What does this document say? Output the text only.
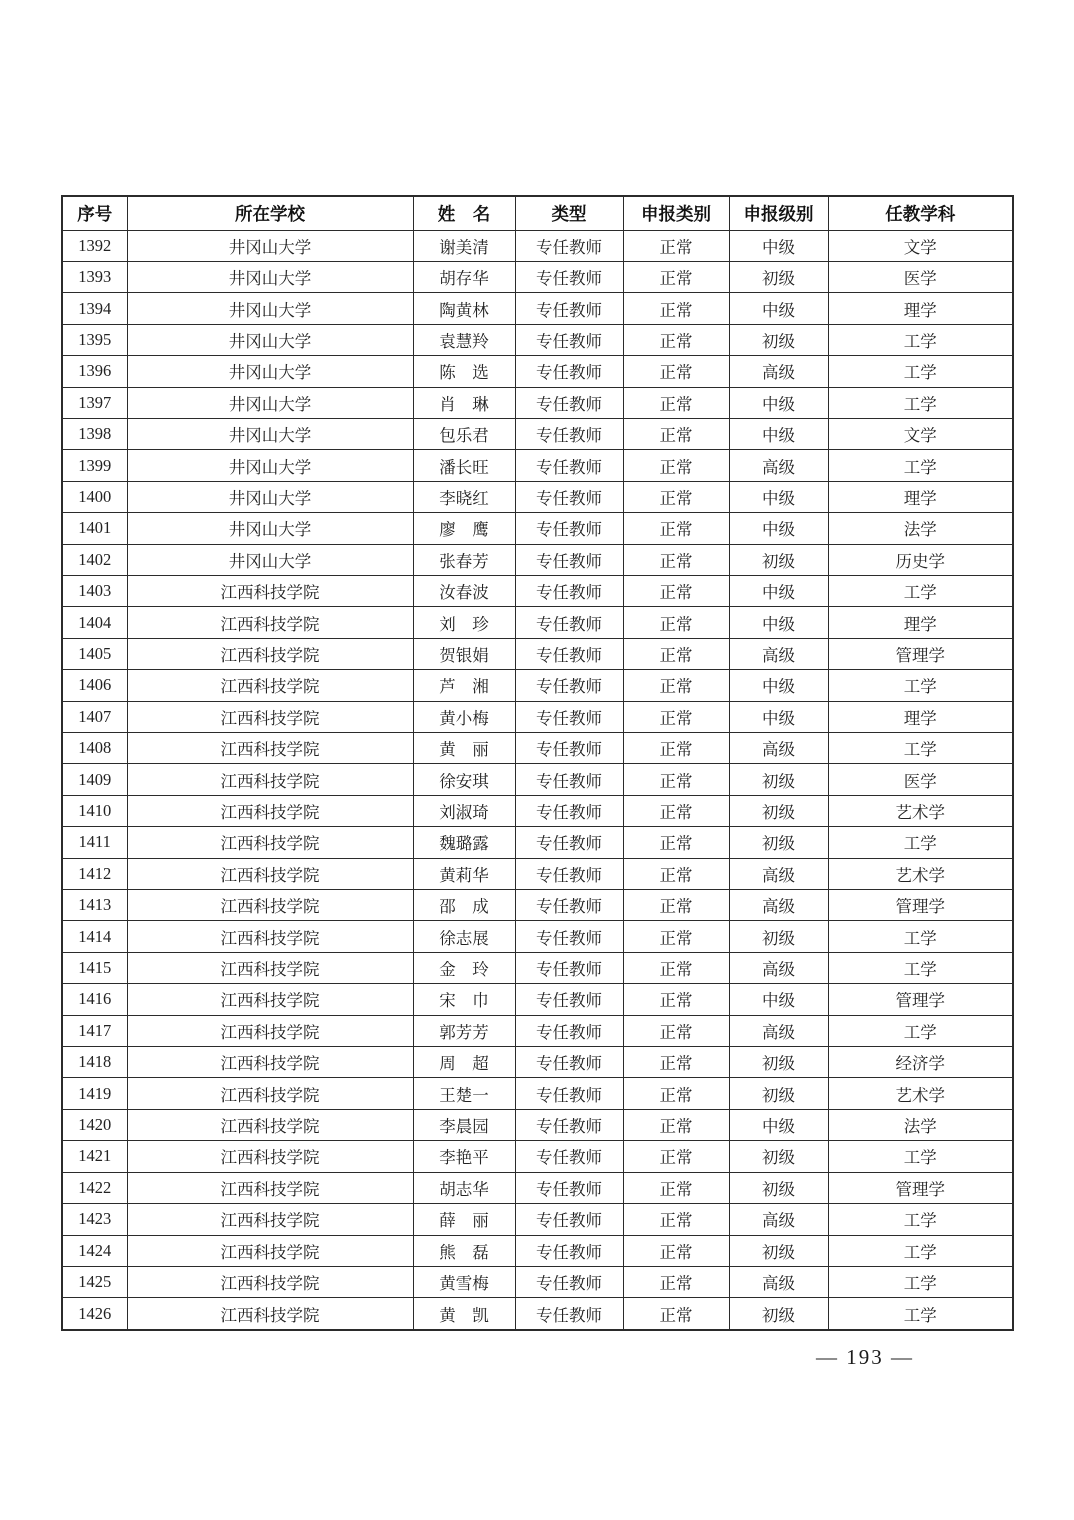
序号	所在学校	姓　名	类型	申报类别	申报级别	任教学科
1392	井冈山大学	谢美清	专任教师	正常	中级	文学
1393	井冈山大学	胡存华	专任教师	正常	初级	医学
1394	井冈山大学	陶黄林	专任教师	正常	中级	理学
1395	井冈山大学	袁慧羚	专任教师	正常	初级	工学
1396	井冈山大学	陈　选	专任教师	正常	高级	工学
1397	井冈山大学	肖　琳	专任教师	正常	中级	工学
1398	井冈山大学	包乐君	专任教师	正常	中级	文学
1399	井冈山大学	潘长旺	专任教师	正常	高级	工学
1400	井冈山大学	李晓红	专任教师	正常	中级	理学
1401	井冈山大学	廖　鹰	专任教师	正常	中级	法学
1402	井冈山大学	张春芳	专任教师	正常	初级	历史学
1403	江西科技学院	汝春波	专任教师	正常	中级	工学
1404	江西科技学院	刘　珍	专任教师	正常	中级	理学
1405	江西科技学院	贺银娟	专任教师	正常	高级	管理学
1406	江西科技学院	芦　湘	专任教师	正常	中级	工学
1407	江西科技学院	黄小梅	专任教师	正常	中级	理学
1408	江西科技学院	黄　丽	专任教师	正常	高级	工学
1409	江西科技学院	徐安琪	专任教师	正常	初级	医学
1410	江西科技学院	刘淑琦	专任教师	正常	初级	艺术学
1411	江西科技学院	魏璐露	专任教师	正常	初级	工学
1412	江西科技学院	黄莉华	专任教师	正常	高级	艺术学
1413	江西科技学院	邵　成	专任教师	正常	高级	管理学
1414	江西科技学院	徐志展	专任教师	正常	初级	工学
1415	江西科技学院	金　玲	专任教师	正常	高级	工学
1416	江西科技学院	宋　巾	专任教师	正常	中级	管理学
1417	江西科技学院	郭芳芳	专任教师	正常	高级	工学
1418	江西科技学院	周　超	专任教师	正常	初级	经济学
1419	江西科技学院	王楚一	专任教师	正常	初级	艺术学
1420	江西科技学院	李晨园	专任教师	正常	中级	法学
1421	江西科技学院	李艳平	专任教师	正常	初级	工学
1422	江西科技学院	胡志华	专任教师	正常	初级	管理学
1423	江西科技学院	薛　丽	专任教师	正常	高级	工学
1424	江西科技学院	熊　磊	专任教师	正常	初级	工学
1425	江西科技学院	黄雪梅	专任教师	正常	高级	工学
1426	江西科技学院	黄　凯	专任教师	正常	初级	工学
— 193 —
